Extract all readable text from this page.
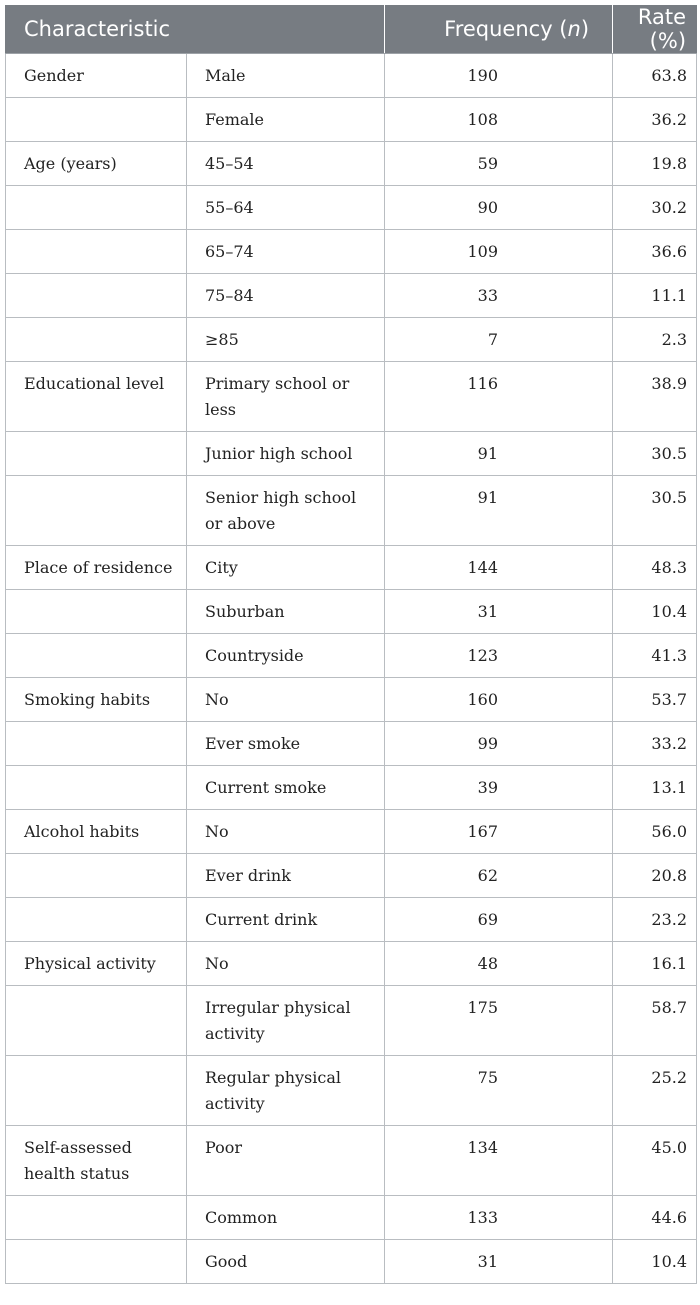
Characteristic		Frequency (n)	Rate (%)

Gender	Male	190	63.8

	Female	108	36.2

Age (years)	45–54	59	19.8

	55–64	90	30.2

	65–74	109	36.6

	75–84	33	11.1

	≥85	7	2.3

Educational level	Primary school or less	116	38.9

	Junior high school	91	30.5

	Senior high school or above	91	30.5

Place of residence	City	144	48.3

	Suburban	31	10.4

	Countryside	123	41.3

Smoking habits	No	160	53.7

	Ever smoke	99	33.2

	Current smoke	39	13.1

Alcohol habits	No	167	56.0

	Ever drink	62	20.8

	Current drink	69	23.2

Physical activity	No	48	16.1

	Irregular physical activity	175	58.7

	Regular physical activity	75	25.2

Self-assessed health status	Poor	134	45.0

	Common	133	44.6

	Good	31	10.4
